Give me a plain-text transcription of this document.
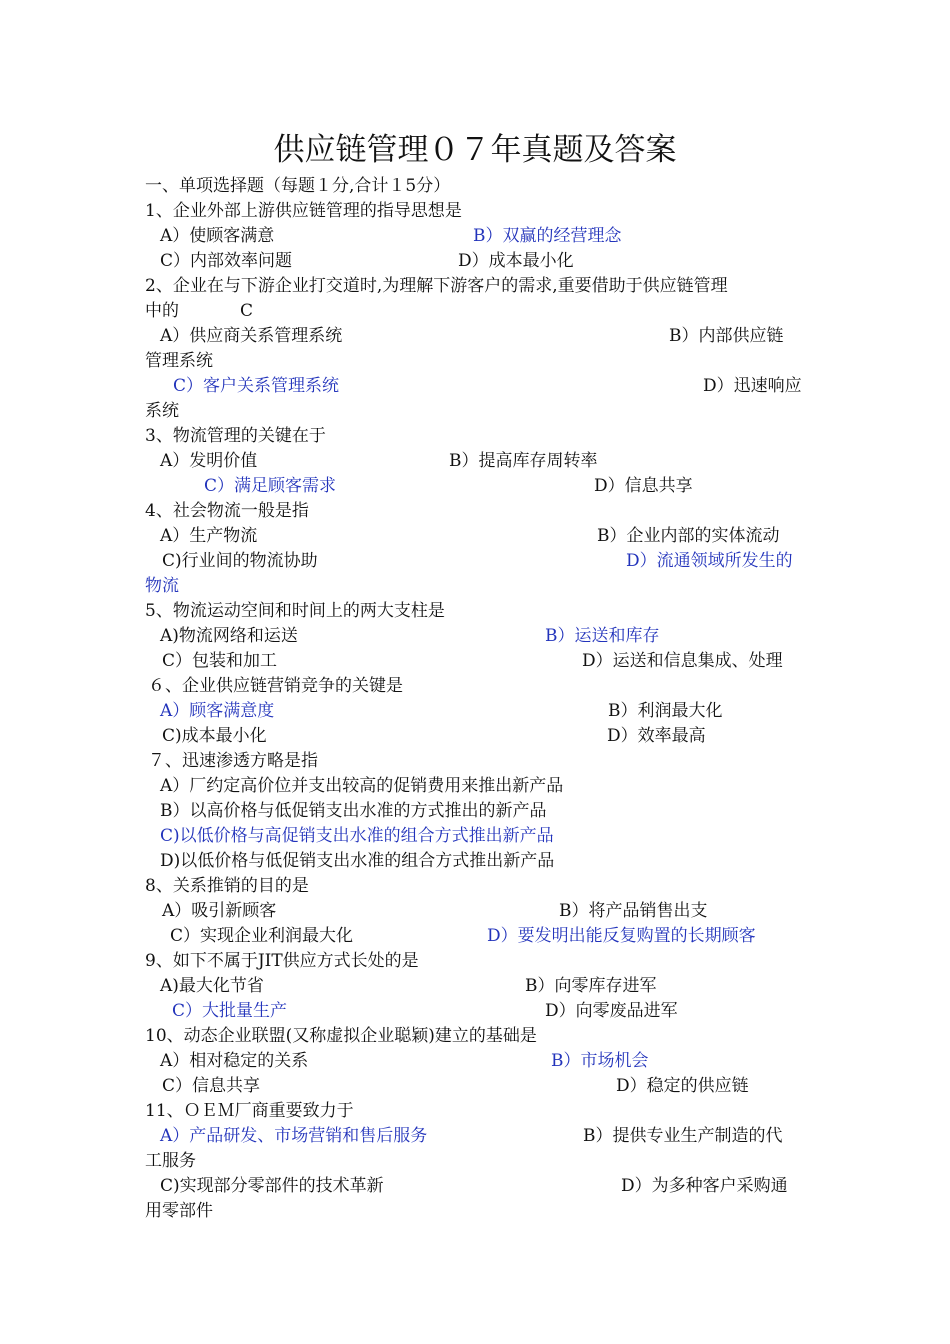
供应链管理０７年真题及答案
一、单项选择题（每题１分,合计１5分）
1、企业外部上游供应链管理的指导思想是
A）使顾客满意	B）双赢的经营理念
C）内部效率问题	D）成本最小化
2、企业在与下游企业打交道时,为理解下游客户的需求,重要借助于供应链管理
中的	C
A）供应商关系管理系统	B）内部供应链
管理系统
C）客户关系管理系统	D）迅速响应
系统
3、物流管理的关键在于
A）发明价值	B）提高库存周转率
C）满足顾客需求	D）信息共享
4、社会物流一般是指
A）生产物流	B）企业内部的实体流动
C)行业间的物流协助	D）流通领域所发生的
物流
5、物流运动空间和时间上的两大支柱是
A)物流网络和运送	B）运送和库存
C）包装和加工	D）运送和信息集成、处理
６、企业供应链营销竞争的关键是
A）顾客满意度	B）利润最大化
C)成本最小化	D）效率最高
７、迅速渗透方略是指
A）厂约定高价位并支出较高的促销费用来推出新产品
B）以高价格与低促销支出水准的方式推出的新产品
C)以低价格与高促销支出水准的组合方式推出新产品
D)以低价格与低促销支出水准的组合方式推出新产品
8、关系推销的目的是
A）吸引新顾客	B）将产品销售出支
C）实现企业利润最大化	D）要发明出能反复购置的长期顾客
9、如下不属于JIT供应方式长处的是
A)最大化节省	B）向零库存进军
C）大批量生产	D）向零废品进军
10、动态企业联盟(又称虚拟企业聪颖)建立的基础是
A）相对稳定的关系	B）市场机会
C）信息共享	D）稳定的供应链
11、ＯＥＭ厂商重要致力于
A）产品研发、市场营销和售后服务	B）提供专业生产制造的代
工服务
C)实现部分零部件的技术革新	D）为多种客户采购通
用零部件
